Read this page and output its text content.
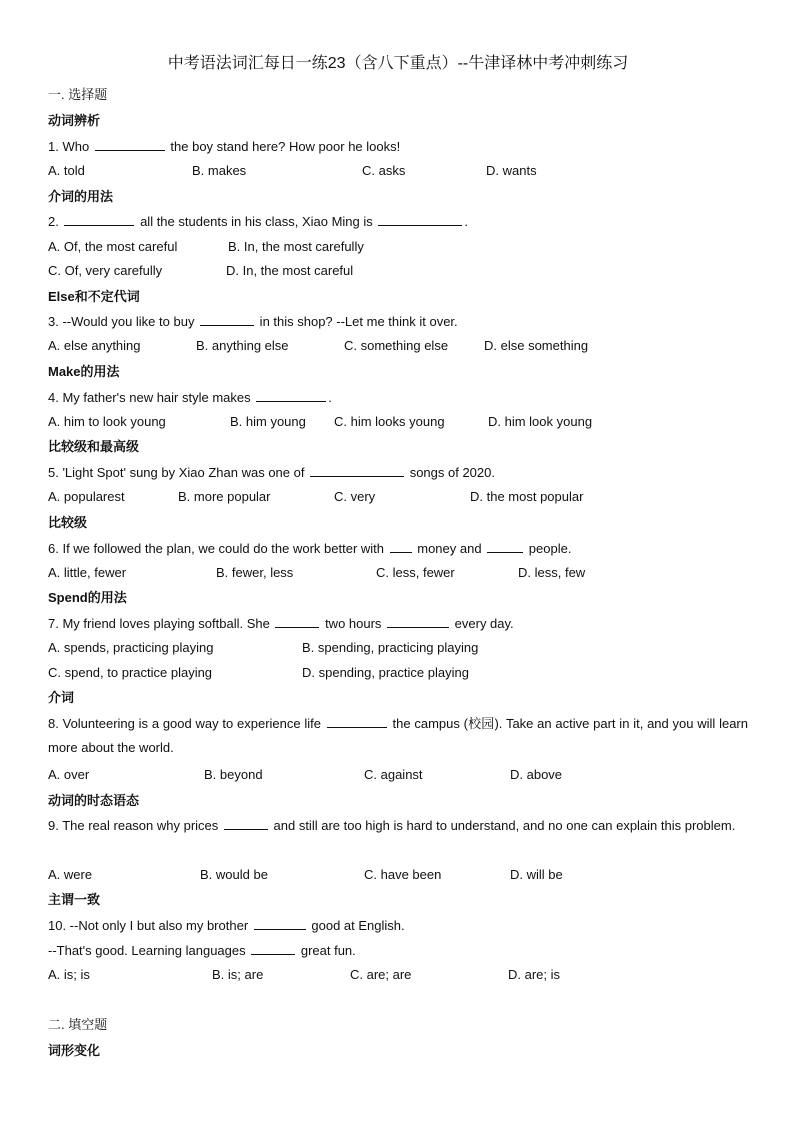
中考语法词汇每日一练23（含八下重点）--牛津译林中考冲刺练习
一. 选择题
动词辨析
1. Who	the boy stand here? How poor he looks!
A. told	B. makes	C. asks	D. wants
介词的用法
2.	all the students in his class, Xiao Ming is	.
A. Of, the most careful	B. In, the most carefully
C. Of, very carefully	D. In, the most careful
Else和不定代词
3. --Would you like to buy	in this shop? --Let me think it over.
A. else anything	B. anything else	C. something else	D. else something
Make的用法
4. My father's new hair style makes	.
A. him to look young	B. him young C. him looks young	D. him look young
比较级和最高级
5. 'Light Spot' sung by Xiao Zhan was one of	songs of 2020.
A. popularest	B. more popular	C. very	D. the most popular
比较级
6. If we followed the plan, we could do the work better with  money and	people.
A. little, fewer	B. fewer, less	C. less, fewer	D. less, few
Spend的用法
7. My friend loves playing softball. She	two hours	every day.
A. spends, practicing playing	B. spending, practicing playing
C. spend, to practice playing	D. spending, practice playing
介词
8. Volunteering is a good way to experience life	the campus (校园). Take an active part in it, and you will learn more about the world.
A. over	B. beyond	C. against	D. above
动词的时态语态
9. The real reason why prices	and still are too high is hard to understand, and no one can explain this problem.
A. were	B. would be	C. have been	D. will be
主谓一致
10. --Not only I but also my brother	good at English.
--That's good. Learning languages	great fun.
A. is; is	B. is; are	C. are; are	D. are; is
二. 填空题
词形变化
